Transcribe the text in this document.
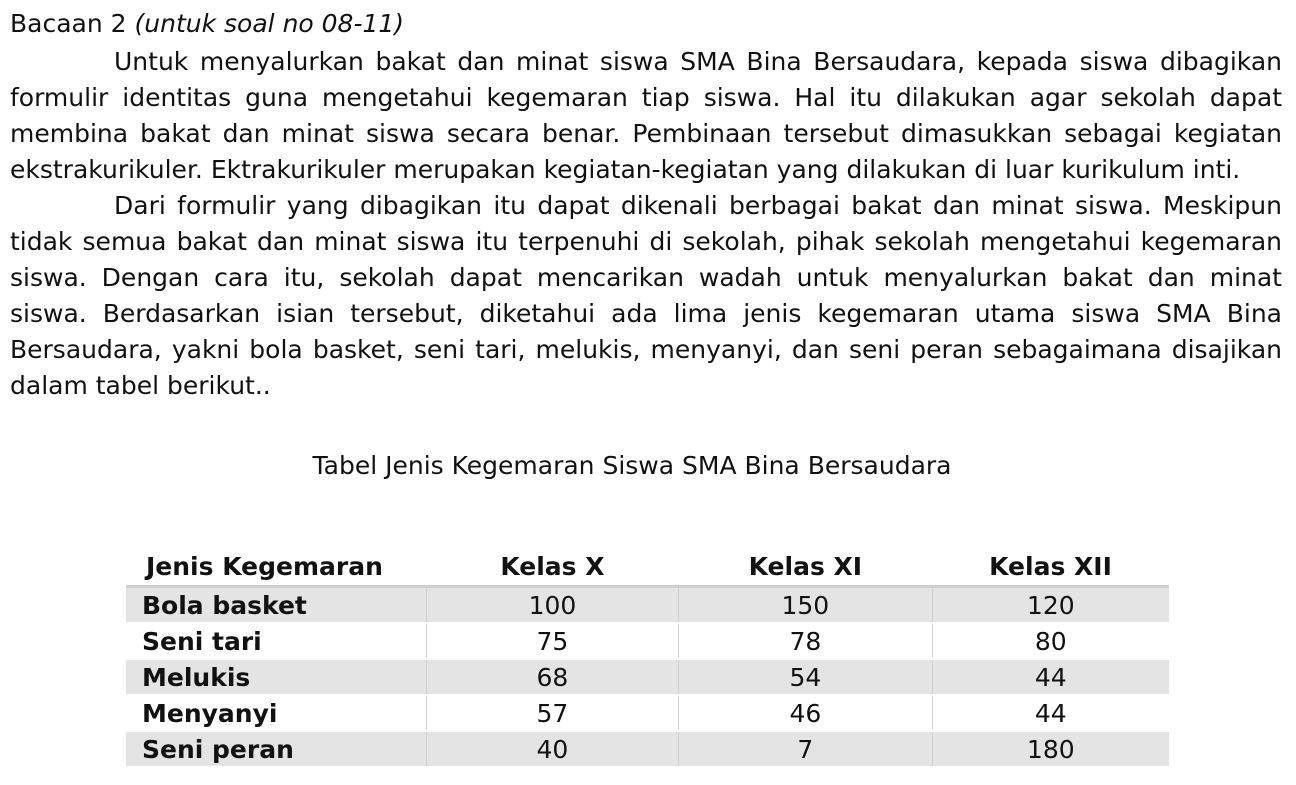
Bacaan 2 (untuk soal no 08-11)

Untuk menyalurkan bakat dan minat siswa SMA Bina Bersaudara, kepada siswa dibagikan formulir identitas guna mengetahui kegemaran tiap siswa. Hal itu dilakukan agar sekolah dapat membina bakat dan minat siswa secara benar. Pembinaan tersebut dimasukkan sebagai kegiatan ekstrakurikuler. Ektrakurikuler merupakan kegiatan-kegiatan yang dilakukan di luar kurikulum inti.

Dari formulir yang dibagikan itu dapat dikenali berbagai bakat dan minat siswa. Meskipun tidak semua bakat dan minat siswa itu terpenuhi di sekolah, pihak sekolah mengetahui kegemaran siswa. Dengan cara itu, sekolah dapat mencarikan wadah untuk menyalurkan bakat dan minat siswa. Berdasarkan isian tersebut, diketahui ada lima jenis kegemaran utama siswa SMA Bina Bersaudara, yakni bola basket, seni tari, melukis, menyanyi, dan seni peran sebagaimana disajikan dalam tabel berikut..

Tabel Jenis Kegemaran Siswa SMA Bina Bersaudara
Jenis Kegemaran	Kelas X	Kelas XI	Kelas XII
Bola basket	100	150	120
Seni tari	75	78	80
Melukis	68	54	44
Menyanyi	57	46	44
Seni peran	40	7	180
